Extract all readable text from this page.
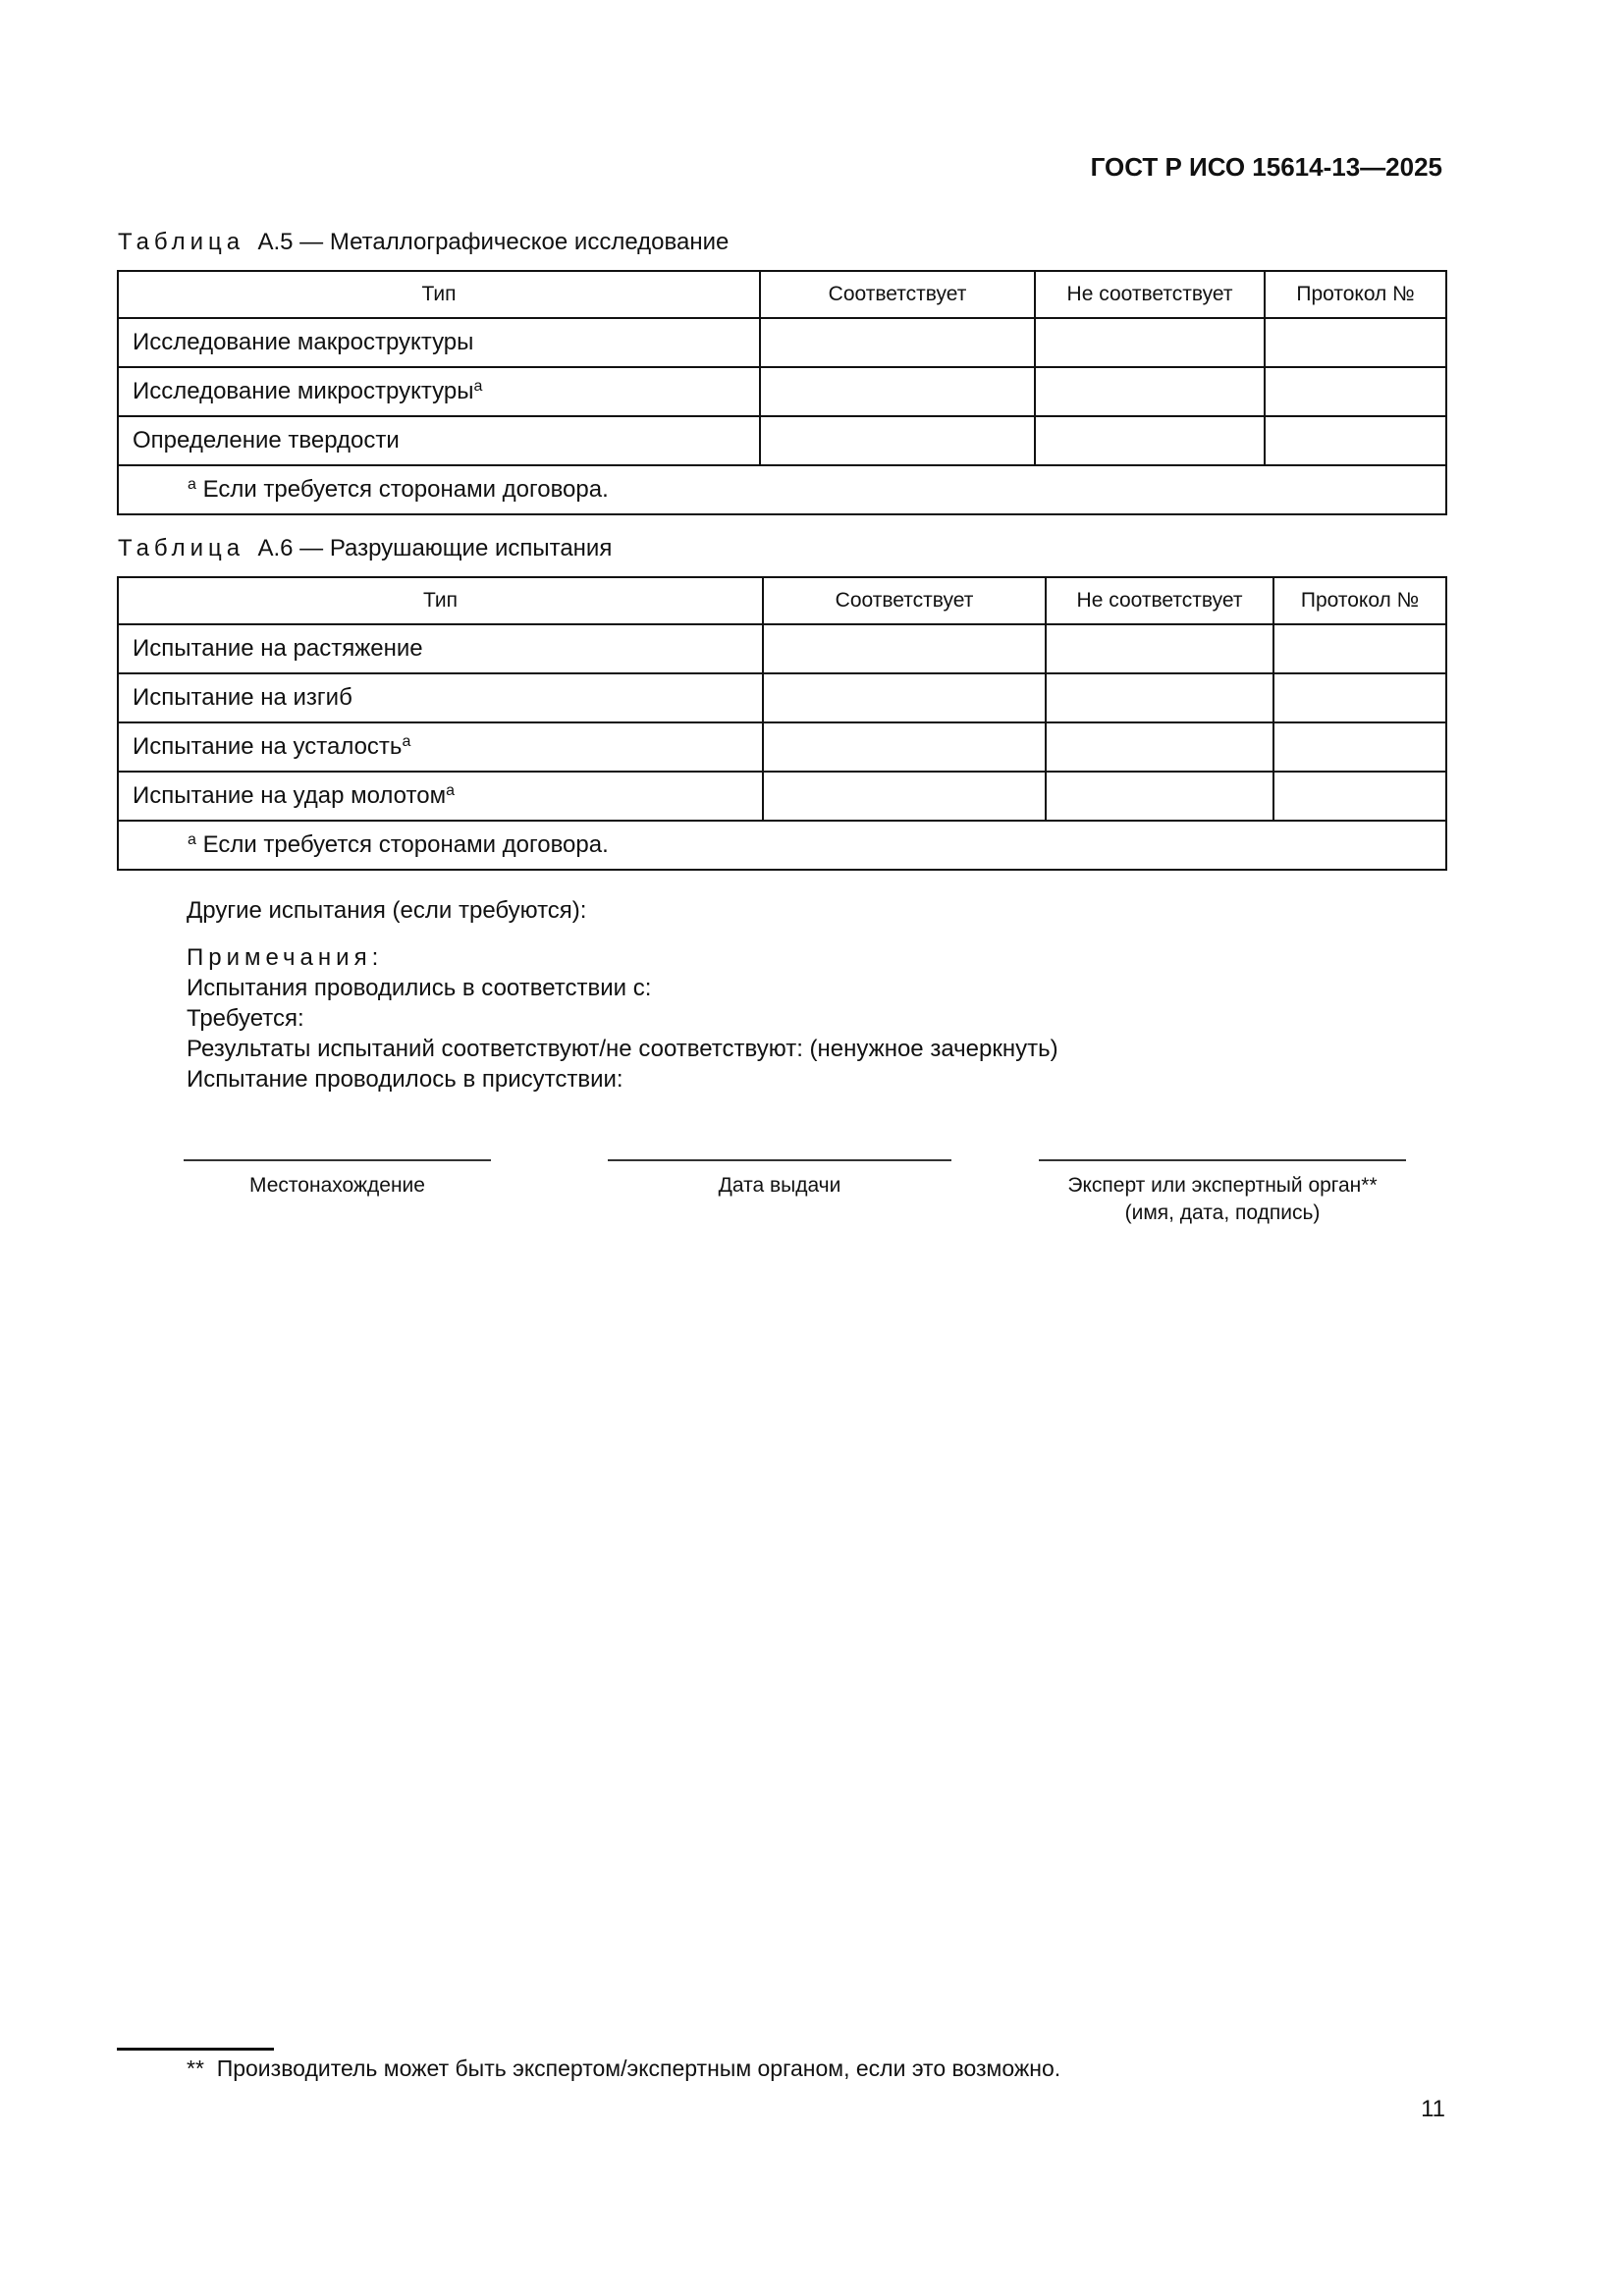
ГОСТ Р ИСО 15614-13—2025
Таблица А.5 — Металлографическое исследование
Тип	Соответствует	Не соответствует	Протокол №
Исследование макроструктуры			
Исследование микроструктуры$^a$			
Определение твердости			
$^a$ Если требуется сторонами договора.			
Таблица А.6 — Разрушающие испытания
Тип	Соответствует	Не соответствует	Протокол №
Испытание на растяжение			
Испытание на изгиб			
Испытание на усталость$^a$			
Испытание на удар молотом$^a$			
$^a$ Если требуется сторонами договора.			
Другие испытания (если требуются):
Примечания:
Испытания проводились в соответствии с:
Требуется:
Результаты испытаний соответствуют/не соответствуют: (ненужное зачеркнуть)
Испытание проводилось в присутствии:
Местонахождение	Дата выдачи	Эксперт или экспертный орган**
(имя, дата, подпись)
** Производитель может быть экспертом/экспертным органом, если это возможно.
11
